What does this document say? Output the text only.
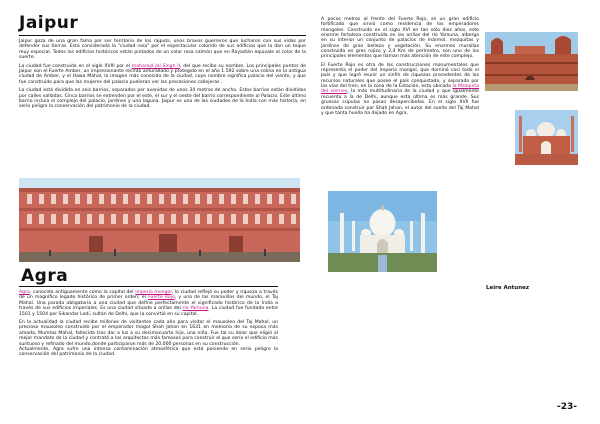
Jaipur

Jaipur goza de una gran fama por ser territorio de los rajputs, unos bravos guerreros que lucharon con sus vidas por defender sus tierras. Esta considerada la "ciudad rosa" por el espectacular colorido de sus edificios que la dan un toque muy especial. Todos los edificios históricos están pintados de un color rosa salmón que en Rayastán equivale al color de la suerte.

La ciudad fue construida en el siglo XVIII por el maharajá Jai Singh II, del que recibe su nombre. Los principales puntos de Jaipur son el Fuerte Amber, un impresionante recinto amurallado y protegido en el año 1.592 sobre una colina en la antigua ciudad de Amber, y el Hawa Mahal, la imagen más conocida de la ciudad, cuyo nombre significa palacio del viento, y que fue construido para que las mujeres del palacio pudieran ver las procesiones callejeras .

La ciudad está dividida en seis barrios, separados por avenidas de unos 34 metros de ancho. Estos barrios están divididos por calles valladas. Cinco barrios se extienden por el este, el sur y el oeste del barrio correspondiente al Palacio. Este último barrio incluía el complejo del palacio, jardines y una laguna. Jaipur es una de las ciudades de la India con más historia, en serio peligro la conservación del patrimonio de la ciudad.

Agra

Agra, conocida antiguamente como la capital del imperio mongol, la ciudad reflejó su poder y riqueza a través de un magnífico legado histórico de primer orden; el Fuerte Rojo, y una de las maravillas del mundo, el Taj Mahal. Una parada obligatoria a una ciudad que define perfectamente el significado histórico de la India a través de sus edificios imperiales. Es una ciudad situada a orillas del río Yamuna. La ciudad fue fundada entre 1501 y 1504 por Sikandar Lodi, sultán de Delhi, que la convirtió en su capital.

En la actualidad la ciudad recibe millones de visitantes cada año para visitar el mausoleo del Taj Mahal, un precioso mausoleo construido por el emperador mogol Shah Jahan en 1631 en memoria de su esposa más amada, Mumtaz Mahal, fallecida tras dar a luz a su decimocuarto hijo, una niña. Fue tal su dolor que eligió al mejor mandato de la ciudad y contrató a los arquitectos más famosos para construir el que sería el edificio más suntuoso y refinado del mundo,donde participaron más de 20.000 personas en su construcción.

Actualmente, Agra sufre una intensa contaminación atmosférica que está poniendo en serio peligro la conservación del patrimonio de la ciudad.

A pocos metros al frente del Fuerte Rojo, se un gran edificio fortificado que sirvió como residencia de los emperadores mongoles. Construido en el siglo XVI en tan sólo diez años, este enorme fortaleza construida en las orillas del río Yamuna, alberga en su interior un conjunto de palacios de mármol, mezquitas y jardines de gran belleza y vegetación. Su enormes murallas construida en gres rojizo y 2,4 Km de perímetro, son uno de los principales elementos que llaman más atención de este complejo.

El Fuerte Rojo es otra de las construcciones monumentales que representa el poder del imperio mongol, que dominó casi todo el país y que logró reunir un sinfín de riquezas procedentes de los recursos naturales que posee el país conquistado, y separado por las vías del tren, en la zona de la Estación, esta ubicada la Mezquita del viernes, la más multitudinaria de la ciudad y que igualmente recuerda a la de Delhi, aunque esta última es más grande. Sus gruesas cúpulas no pasan desapercibidas. En el siglo XVII fue ordenada construir por Shah Jahan, el autor del sueño del Taj Mahal y que tanta huella ha dejado en Agra.

Leire Antunez
-23-
